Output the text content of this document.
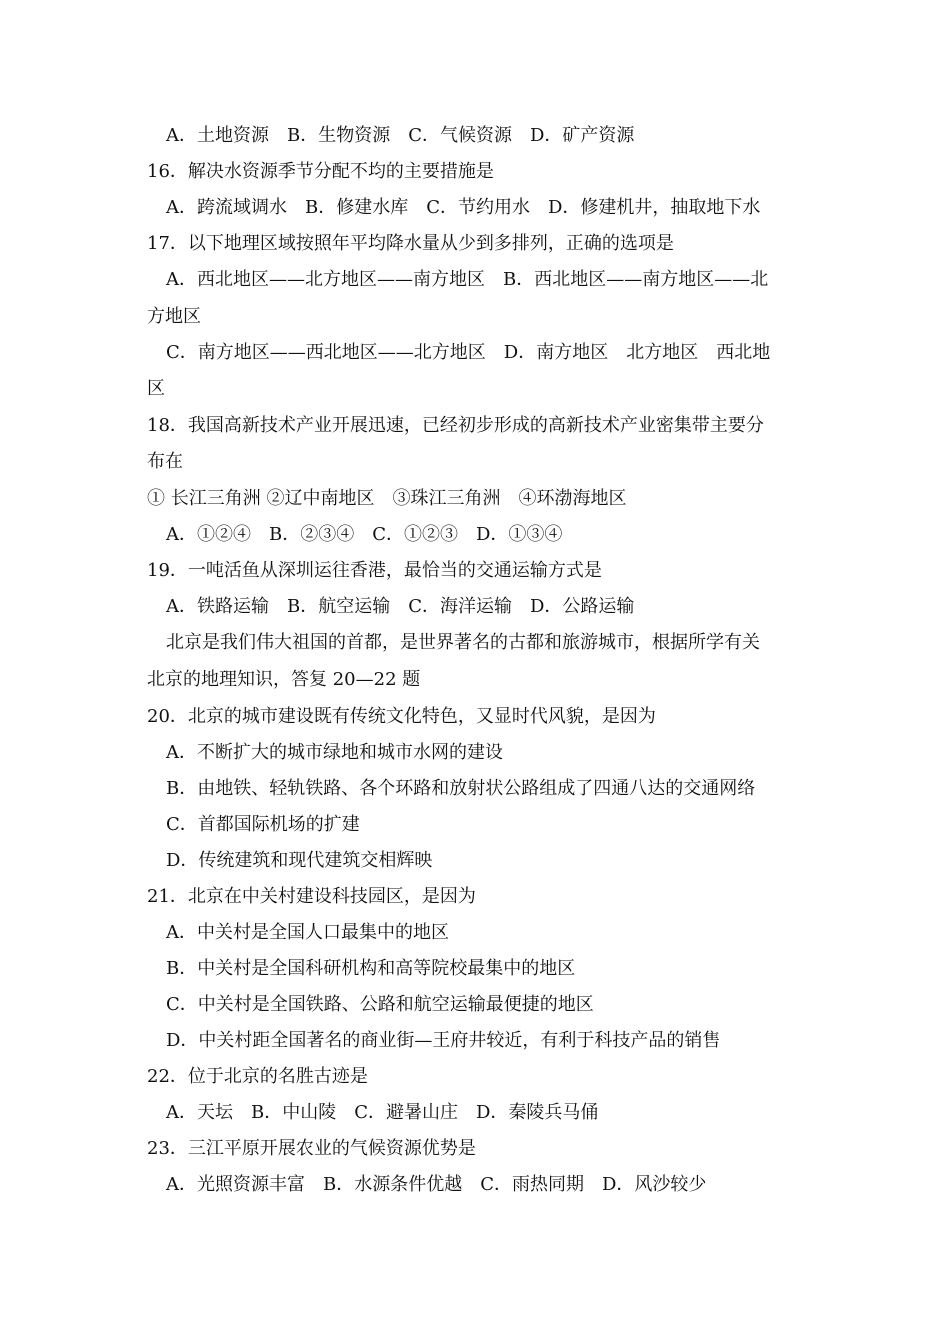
A．土地资源　B．生物资源　C．气候资源　D．矿产资源
16．解决水资源季节分配不均的主要措施是
A．跨流域调水　B．修建水库　C．节约用水　D．修建机井，抽取地下水
17．以下地理区域按照年平均降水量从少到多排列，正确的选项是
A．西北地区——北方地区——南方地区　B．西北地区——南方地区——北
方地区
C．南方地区——西北地区——北方地区　D．南方地区　北方地区　西北地
区
18．我国高新技术产业开展迅速，已经初步形成的高新技术产业密集带主要分
布在
① 长江三角洲 ②辽中南地区　③珠江三角洲　④环渤海地区
A．①②④　B．②③④　C．①②③　D．①③④
19．一吨活鱼从深圳运往香港，最恰当的交通运输方式是
A．铁路运输　B．航空运输　C．海洋运输　D．公路运输
北京是我们伟大祖国的首都，是世界著名的古都和旅游城市，根据所学有关
北京的地理知识，答复 20—22 题
20．北京的城市建设既有传统文化特色，又显时代风貌，是因为
A．不断扩大的城市绿地和城市水网的建设
B．由地铁、轻轨铁路、各个环路和放射状公路组成了四通八达的交通网络
C．首都国际机场的扩建
D．传统建筑和现代建筑交相辉映
21．北京在中关村建设科技园区，是因为
A．中关村是全国人口最集中的地区
B．中关村是全国科研机构和高等院校最集中的地区
C．中关村是全国铁路、公路和航空运输最便捷的地区
D．中关村距全国著名的商业街—王府井较近，有利于科技产品的销售
22．位于北京的名胜古迹是
A．天坛　B．中山陵　C．避暑山庄　D．秦陵兵马俑
23．三江平原开展农业的气候资源优势是
A．光照资源丰富　B．水源条件优越　C．雨热同期　D．风沙较少
